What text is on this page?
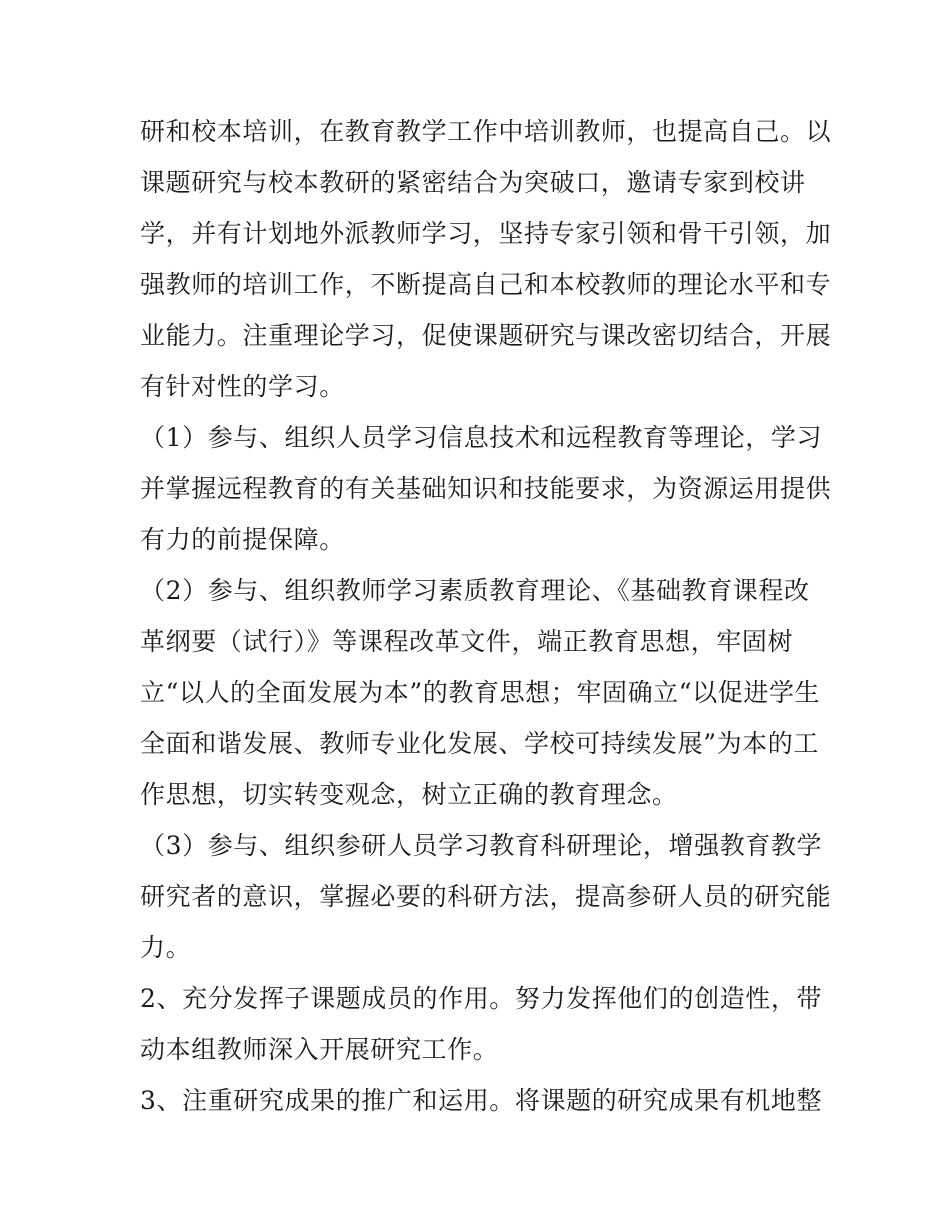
研和校本培训，在教育教学工作中培训教师，也提高自己。以
课题研究与校本教研的紧密结合为突破口，邀请专家到校讲
学，并有计划地外派教师学习，坚持专家引领和骨干引领，加
强教师的培训工作，不断提高自己和本校教师的理论水平和专
业能力。注重理论学习，促使课题研究与课改密切结合，开展
有针对性的学习。
（1）参与、组织人员学习信息技术和远程教育等理论，学习
并掌握远程教育的有关基础知识和技能要求，为资源运用提供
有力的前提保障。
（2）参与、组织教师学习素质教育理论、《基础教育课程改
革纲要（试行）》等课程改革文件，端正教育思想，牢固树
立“以人的全面发展为本”的教育思想；牢固确立“以促进学生
全面和谐发展、教师专业化发展、学校可持续发展”为本的工
作思想，切实转变观念，树立正确的教育理念。
（3）参与、组织参研人员学习教育科研理论，增强教育教学
研究者的意识，掌握必要的科研方法，提高参研人员的研究能
力。
2、充分发挥子课题成员的作用。努力发挥他们的创造性，带
动本组教师深入开展研究工作。
3、注重研究成果的推广和运用。将课题的研究成果有机地整
